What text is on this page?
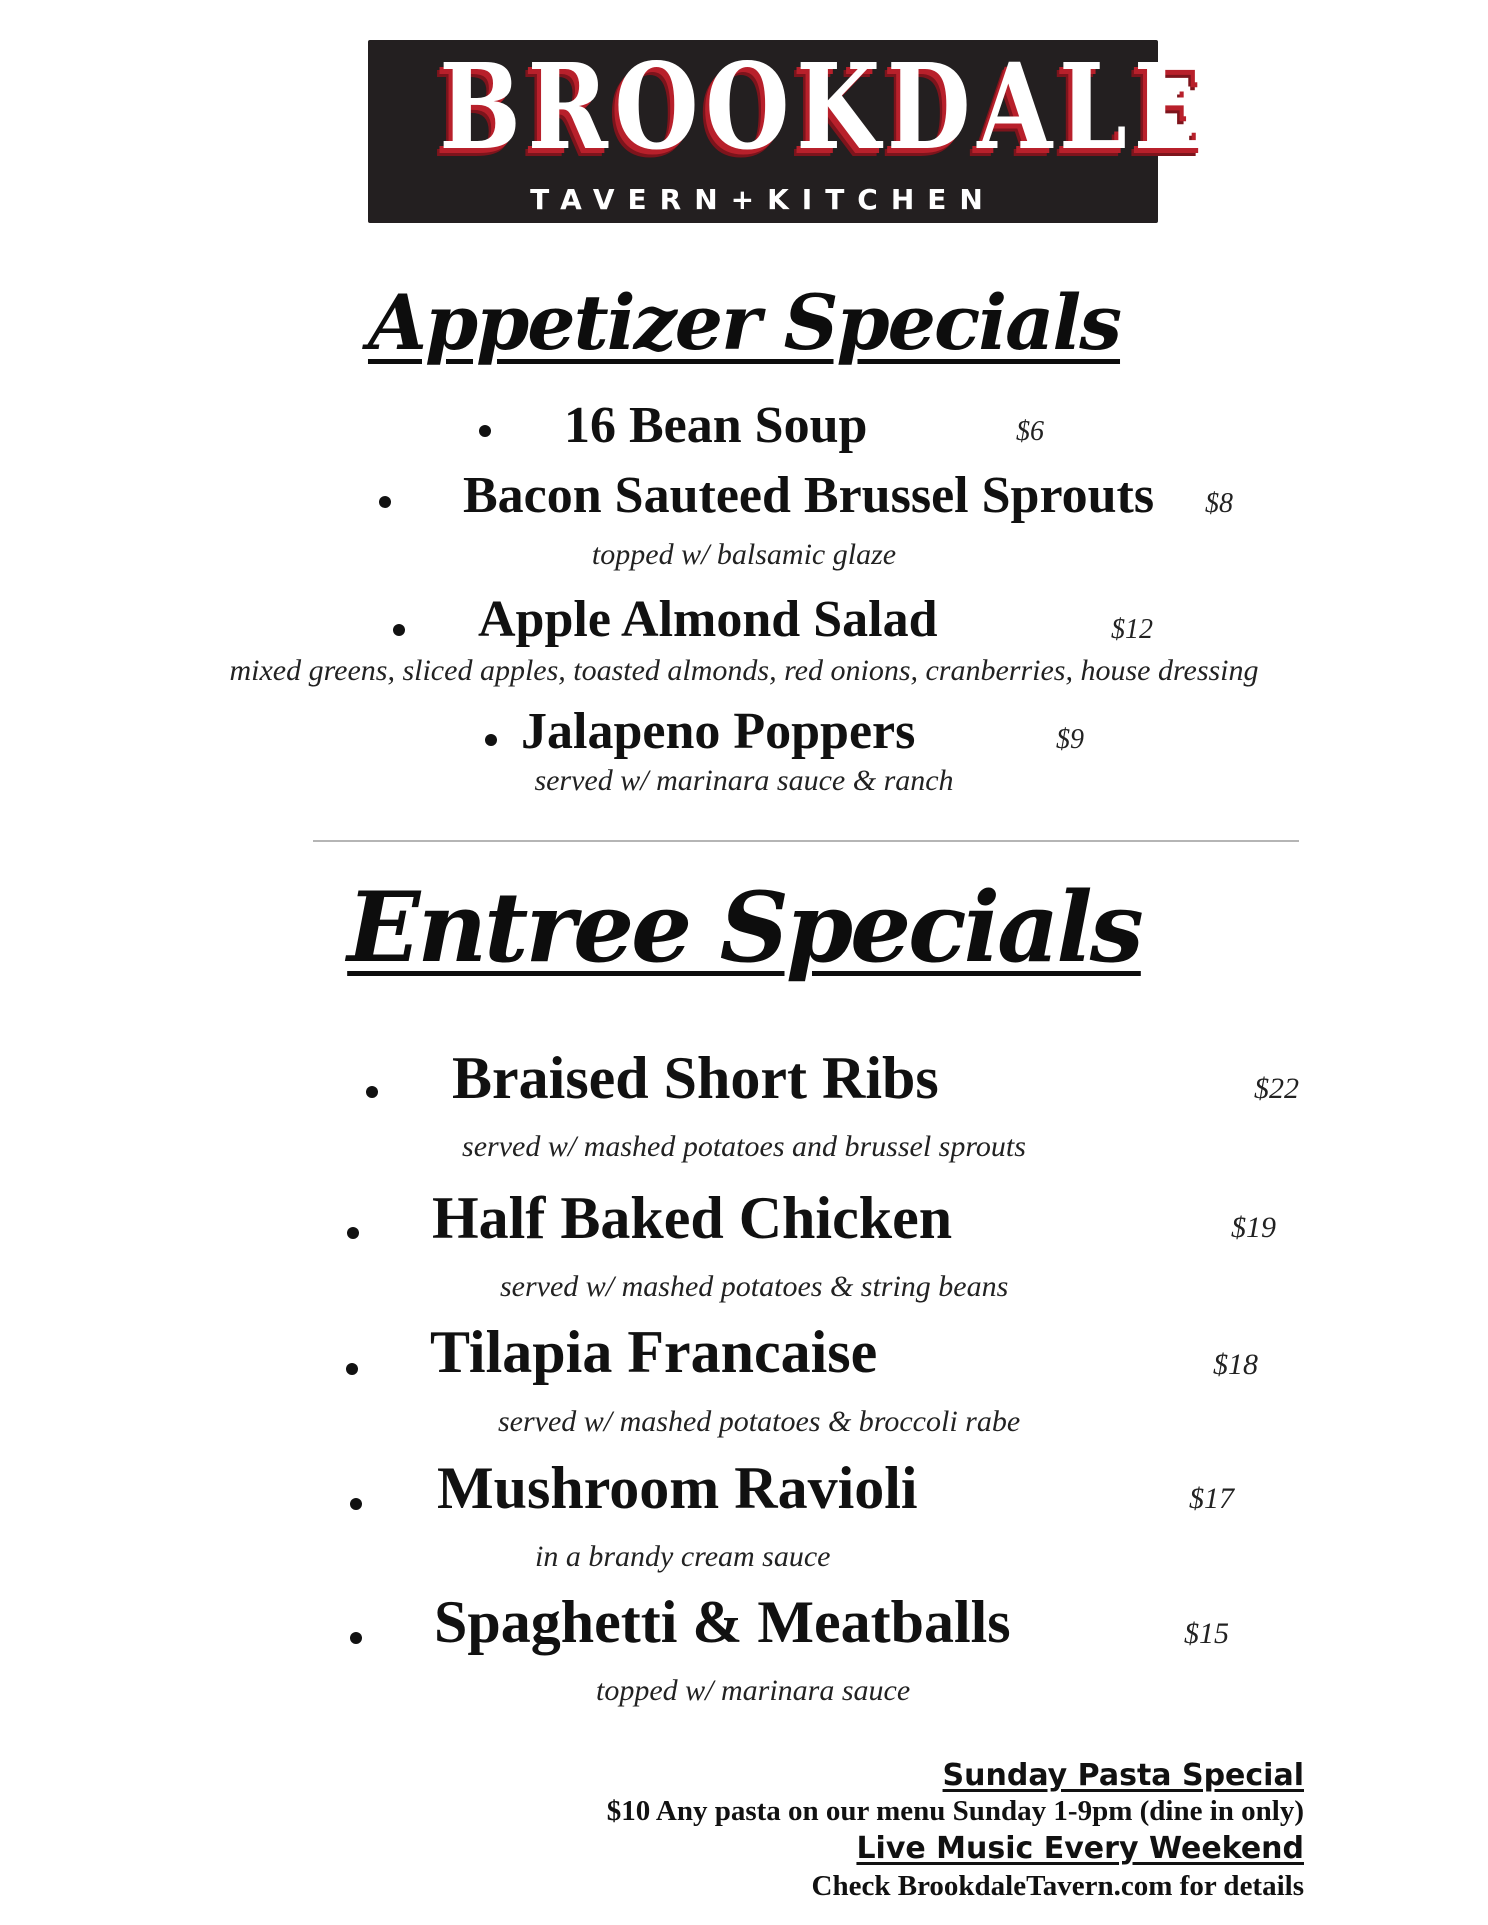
BROOKDALE
TAVERN+KITCHEN
Appetizer Specials
16 Bean Soup	$6
Bacon Sauteed Brussel Sprouts $8
topped w/ balsamic glaze
Apple Almond Salad	$12
mixed greens, sliced apples, toasted almonds, red onions, cranberries, house dressing
Jalapeno Poppers	$9
served w/ marinara sauce & ranch
Entree Specials
Braised Short Ribs	$22
served w/ mashed potatoes and brussel sprouts
Half Baked Chicken	$19
served w/ mashed potatoes & string beans
Tilapia Francaise	$18
served w/ mashed potatoes & broccoli rabe
Mushroom Ravioli	$17
in a brandy cream sauce
Spaghetti & Meatballs	$15
topped w/ marinara sauce
Sunday Pasta Special
$10 Any pasta on our menu Sunday 1-9pm (dine in only)
Live Music Every Weekend
Check BrookdaleTavern.com for details
